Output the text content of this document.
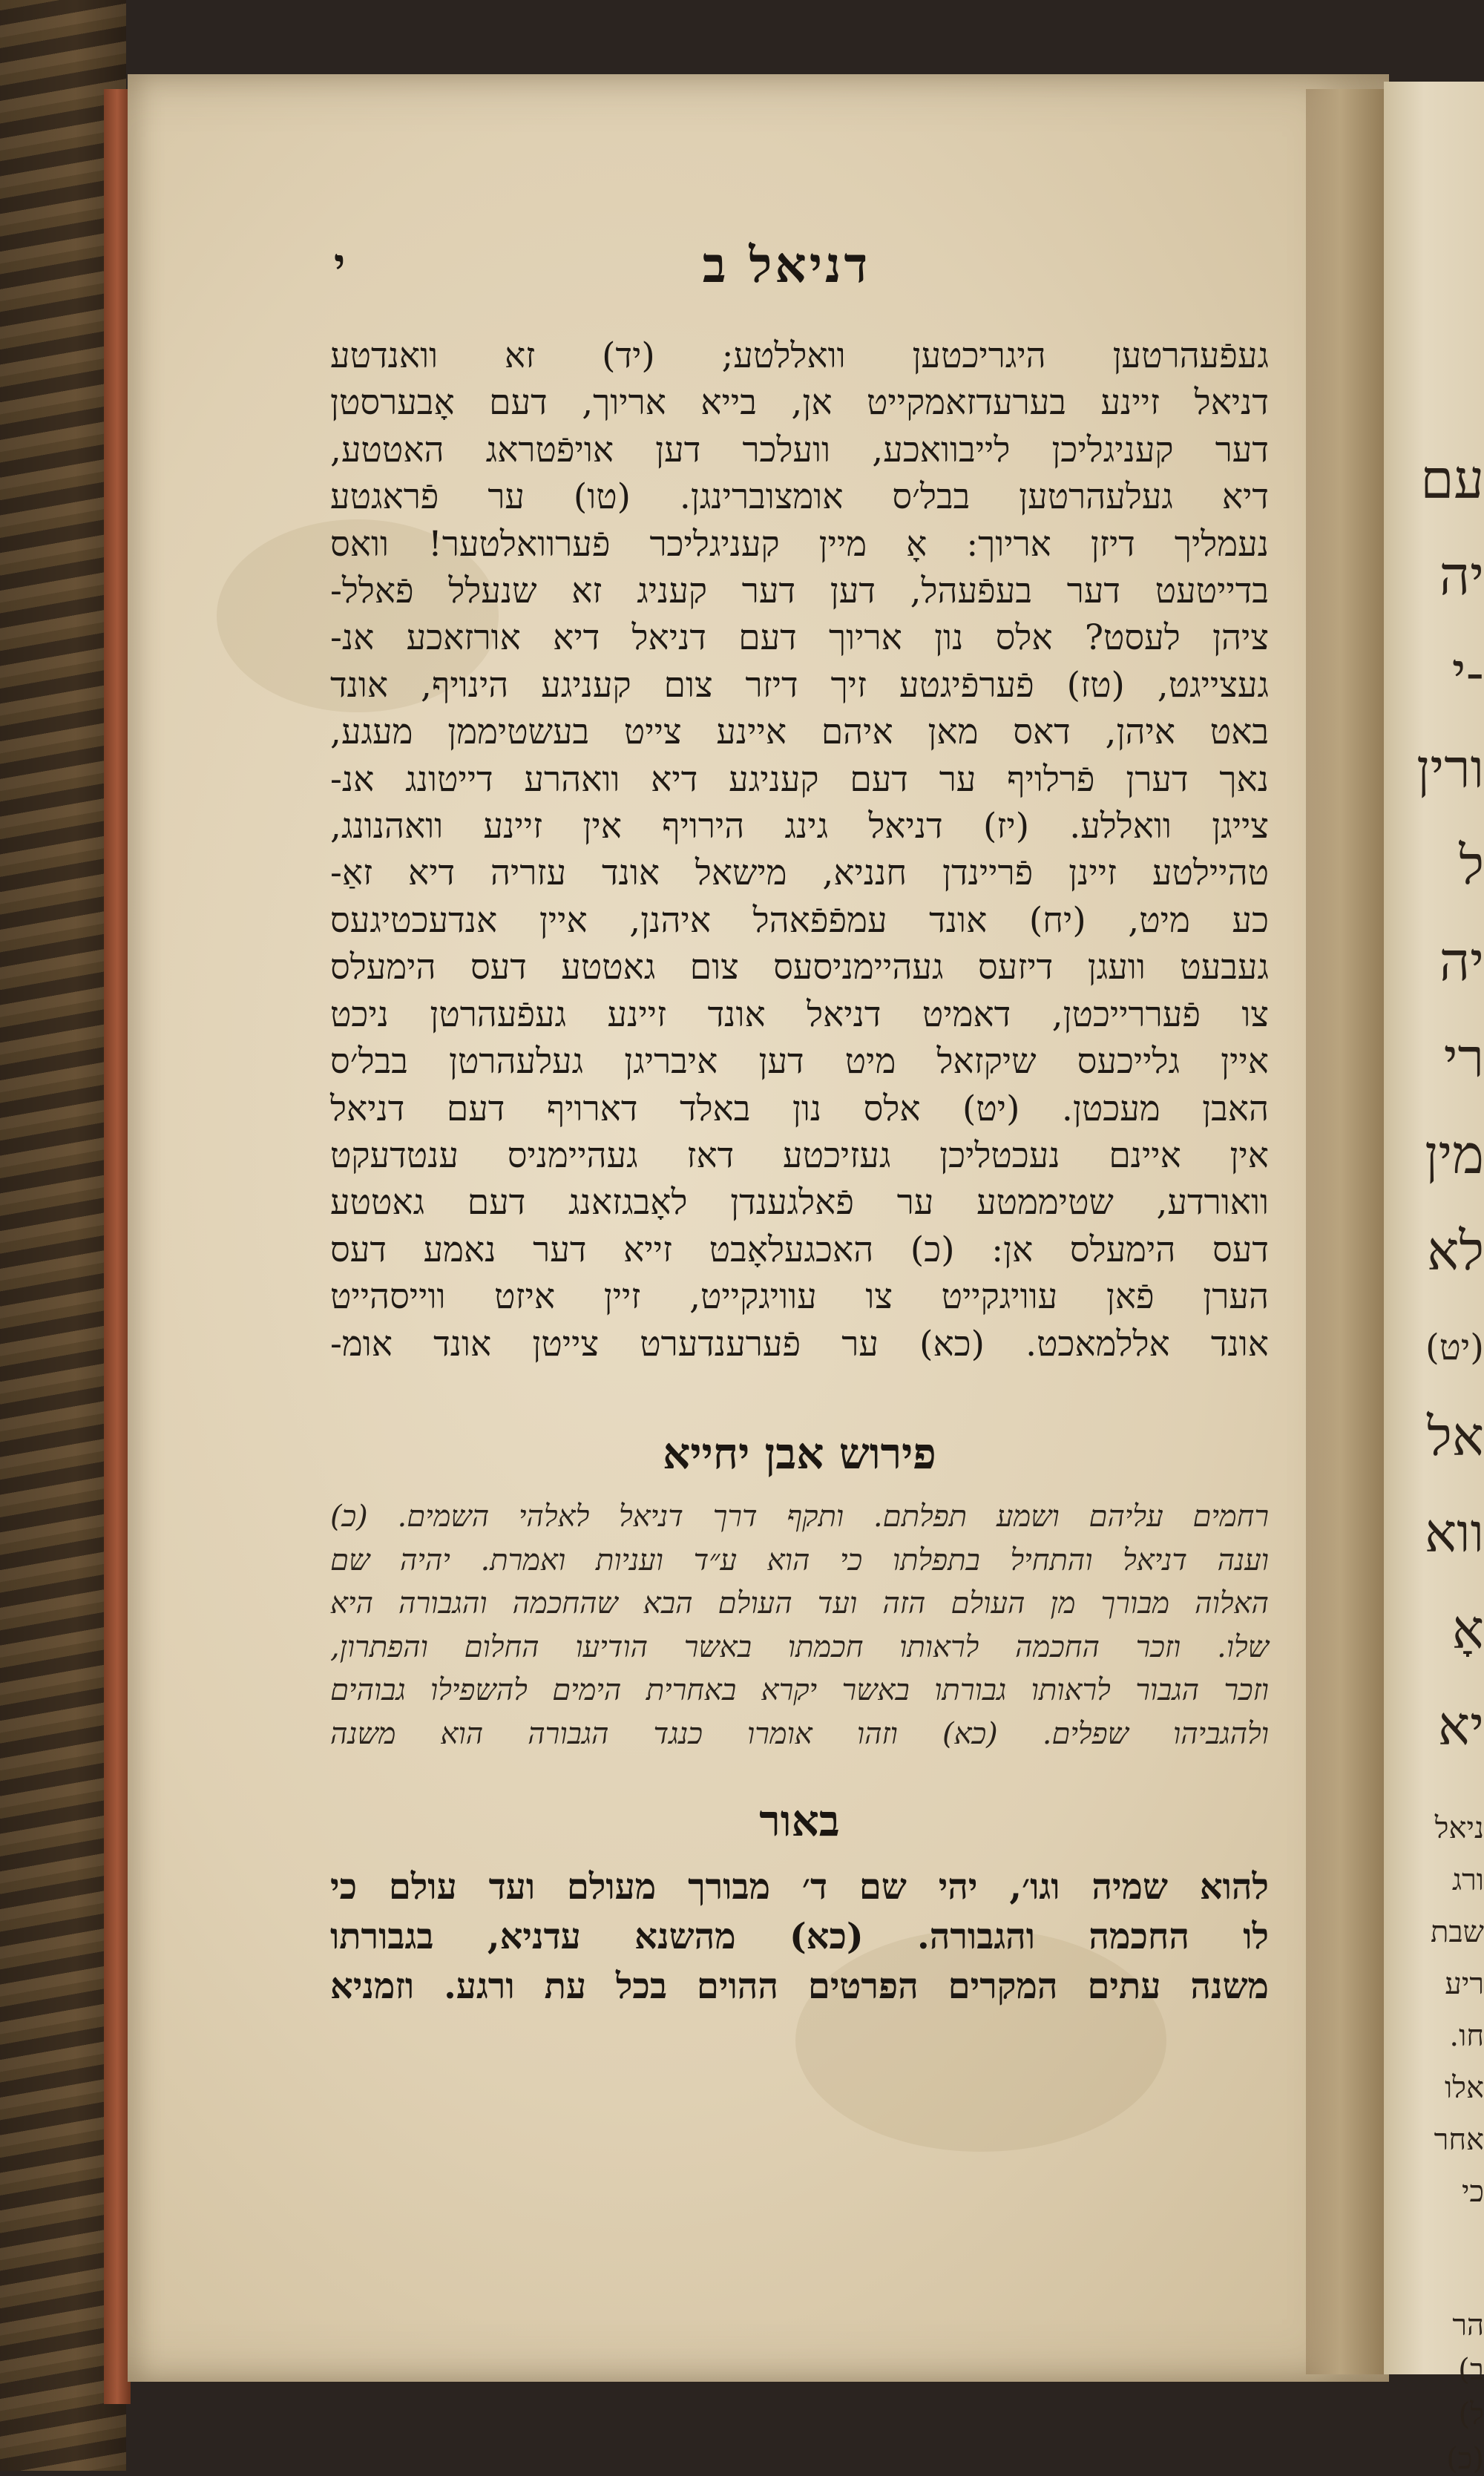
עם
יה
-י
ורין
ל
יה
רי
מין
לא
(יט)
אל
ווא
אָ
יא
ניאל
ורג
שבת
ריע
חו.
אלו
אחר
כי
הר
ב)
ל)
(כ)
י	דניאל ב
געפֿעהרטען היגריכטען וואללטע; (יד) זא וואנדטע
דניאל זיינע בערעדזאמקייט אן, בייא אריוך, דעם אָבערסטן
דער קעניגליכן לייבוואכע, וועלכר דען אויפֿטראג האטטע,
דיא געלעהרטען בבל׳ס אומצוברינגן. (טו) ער פֿראגטע
נעמליך דיזן אריוך: אָ מיין קעניגליכר פֿערוואלטער! וואס
בדייטעט דער בעפֿעהל, דען דער קעניג זא שנעלל פֿאלל-
ציהן לעסט? אלס נון אריוך דעם דניאל דיא אורזאכע אנ-
געצייגט, (טז) פֿערפֿיגטע זיך דיזר צום קעניגע הינויף, אונד
באט איהן, דאס מאן איהם איינע צייט בעשטיממן מעגע,
נאך דערן פֿרלויף ער דעם קעניגע דיא וואהרע דייטונג אנ-
צייגן וואללע. (יז) דניאל גינג הירויף אין זיינע וואהנונג,
טהיילטע זיינן פֿריינדן חנניא, מישאל אונד עזריה דיא זאַ-
כע מיט, (יח) אונד עמפֿפֿאהל איהנן, איין אנדעכטיגעס
געבעט וועגן דיזעס געהיימניסעס צום גאטטע דעס הימעלס
צו פֿעררייכטן, דאמיט דניאל אונד זיינע געפֿעהרטן ניכט
איין גלייכעס שיקזאל מיט דען איבריגן געלעהרטן בבל׳ס
האבן מעכטן. (יט) אלס נון באלד דארויף דעם דניאל
אין איינם נעכטליכן געזיכטע דאז געהיימניס ענטדעקט
וואורדע, שטיממטע ער פֿאלגענדן לאָבגזאנג דעם גאטטע
דעס הימעלס אן: (כ) האכגעלאָבט זייא דער נאמע דעס
הערן פֿאן עוויגקייט צו עוויגקייט, זיין איזט ווייסהייט
אונד אללמאכט. (כא) ער פֿערענדערט צייטן אונד אומ-
פירוש אבן יחייא
רחמים עליהם ושמע תפלתם. ותקף דרך דניאל לאלהי השמים. (כ)
וענה דניאל והתחיל בתפלתו כי הוא ע״ד ועניות ואמרת. יהיה שם
האלוה מבורך מן העולם הזה ועד העולם הבא שהחכמה והגבורה היא
שלו. וזכר החכמה לראותו חכמתו באשר הודיעו החלום והפתרון,
וזכר הגבור לראותו גבורתו באשר יקרא באחרית הימים להשפילו גבוהים
ולהגביהו שפלים. (כא) וזהו אומרו כנגד הגבורה הוא משנה
באור
להוא שמיה וגו׳, יהי שם ד׳ מבורך מעולם ועד עולם כי
לו החכמה והגבורה. (כא) מהשנא עדניא, בגבורתו
משנה עתים המקרים הפרטים ההוים בכל עת ורגע. וזמניא
